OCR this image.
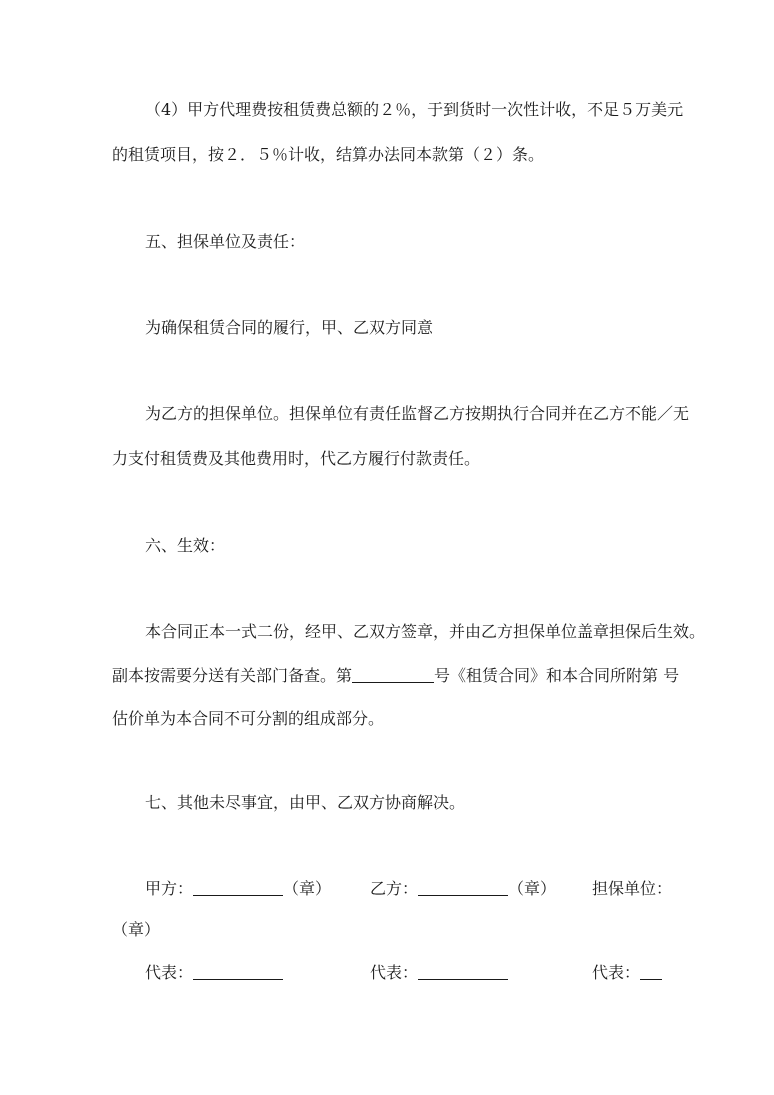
（4）甲方代理费按租赁费总额的２％，于到货时一次性计收，不足５万美元
的租赁项目，按２．５％计收，结算办法同本款第（２）条。
五、担保单位及责任：
为确保租赁合同的履行，甲、乙双方同意
为乙方的担保单位。担保单位有责任监督乙方按期执行合同并在乙方不能／无
力支付租赁费及其他费用时，代乙方履行付款责任。
六、生效：
本合同正本一式二份，经甲、乙双方签章，并由乙方担保单位盖章担保后生效。
副本按需要分送有关部门备查。第	号《租赁合同》和本合同所附第 号
估价单为本合同不可分割的组成部分。
七、其他未尽事宜，由甲、乙双方协商解决。
甲方：	（章） 乙方：	（章） 担保单位：
（章）
代表：	代表：	代表：
